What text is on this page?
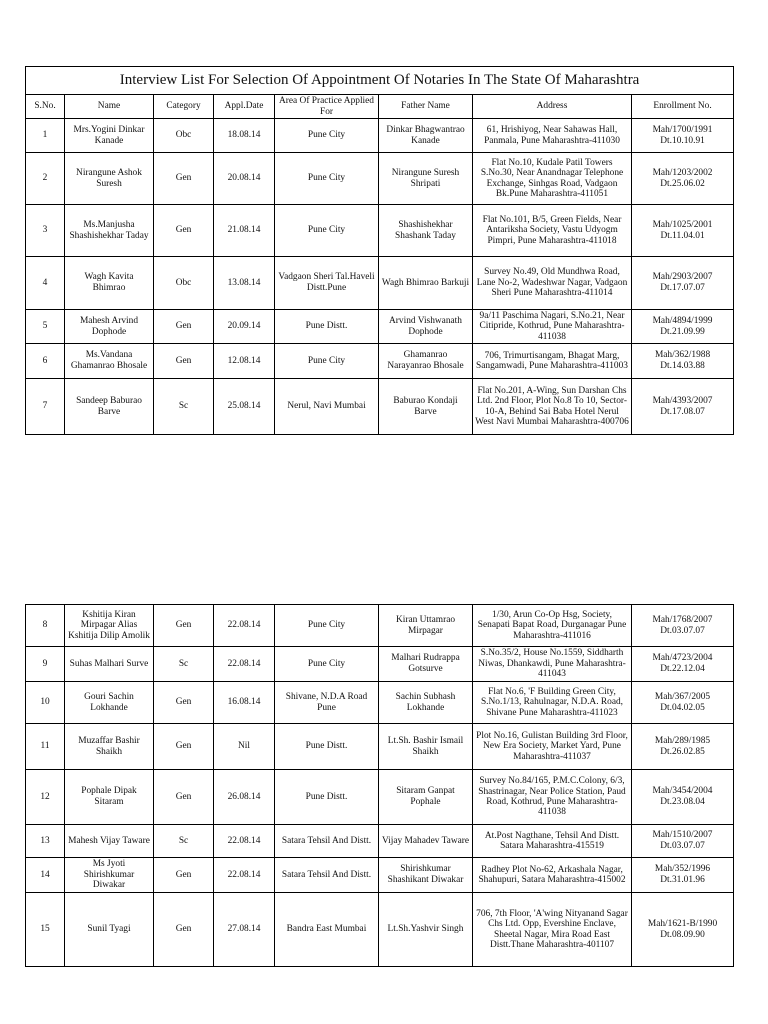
Interview List For Selection Of Appointment Of Notaries In The State Of Maharashtra							
S.No.	Name	Category	Appl.Date	Area Of Practice Applied For	Father Name	Address	Enrollment No.
1	Mrs.Yogini Dinkar Kanade	Obc	18.08.14	Pune City	Dinkar Bhagwantrao Kanade	61, Hrishiyog, Near Sahawas Hall, Panmala, Pune Maharashtra-411030	Mah/1700/1991 Dt.10.10.91
2	Nirangune Ashok Suresh	Gen	20.08.14	Pune City	Nirangune Suresh Shripati	Flat No.10, Kudale Patil Towers S.No.30, Near Anandnagar Telephone Exchange, Sinhgas Road, Vadgaon Bk.Pune Maharashtra-411051	Mah/1203/2002 Dt.25.06.02
3	Ms.Manjusha Shashishekhar Taday	Gen	21.08.14	Pune City	Shashishekhar Shashank Taday	Flat No.101, B/5, Green Fields, Near Antariksha Society, Vastu Udyogm Pimpri, Pune Maharashtra-411018	Mah/1025/2001 Dt.11.04.01
4	Wagh Kavita Bhimrao	Obc	13.08.14	Vadgaon Sheri Tal.Haveli Distt.Pune	Wagh Bhimrao Barkuji	Survey No.49, Old Mundhwa Road, Lane No-2, Wadeshwar Nagar, Vadgaon Sheri Pune Maharashtra-411014	Mah/2903/2007 Dt.17.07.07
5	Mahesh Arvind Dophode	Gen	20.09.14	Pune Distt.	Arvind Vishwanath Dophode	9a/11 Paschima Nagari, S.No.21, Near Citipride, Kothrud, Pune Maharashtra-411038	Mah/4894/1999 Dt.21.09.99
6	Ms.Vandana Ghamanrao Bhosale	Gen	12.08.14	Pune City	Ghamanrao Narayanrao Bhosale	706, Trimurtisangam, Bhagat Marg, Sangamwadi, Pune Maharashtra-411003	Mah/362/1988 Dt.14.03.88
7	Sandeep Baburao Barve	Sc	25.08.14	Nerul, Navi Mumbai	Baburao Kondaji Barve	Flat No.201, A-Wing, Sun Darshan Chs Ltd. 2nd Floor, Plot No.8 To 10, Sector-10-A, Behind Sai Baba Hotel Nerul West Navi Mumbai Maharashtra-400706	Mah/4393/2007 Dt.17.08.07
8	Kshitija Kiran Mirpagar Alias Kshitija Dilip Amolik	Gen	22.08.14	Pune City	Kiran Uttamrao Mirpagar	1/30, Arun Co-Op Hsg, Society, Senapati Bapat Road, Durganagar Pune Maharashtra-411016	Mah/1768/2007 Dt.03.07.07
9	Suhas Malhari Surve	Sc	22.08.14	Pune City	Malhari Rudrappa Gotsurve	S.No.35/2, House No.1559, Siddharth Niwas, Dhankawdi, Pune Maharashtra-411043	Mah/4723/2004 Dt.22.12.04
10	Gouri Sachin Lokhande	Gen	16.08.14	Shivane, N.D.A Road Pune	Sachin Subhash Lokhande	Flat No.6, 'F Building Green City, S.No.1/13, Rahulnagar, N.D.A. Road, Shivane Pune Maharashtra-411023	Mah/367/2005 Dt.04.02.05
11	Muzaffar Bashir Shaikh	Gen	Nil	Pune Distt.	Lt.Sh. Bashir Ismail Shaikh	Plot No.16, Gulistan Building 3rd Floor, New Era Society, Market Yard, Pune Maharashtra-411037	Mah/289/1985 Dt.26.02.85
12	Pophale Dipak Sitaram	Gen	26.08.14	Pune Distt.	Sitaram Ganpat Pophale	Survey No.84/165, P.M.C.Colony, 6/3, Shastrinagar, Near Police Station, Paud Road, Kothrud, Pune Maharashtra-411038	Mah/3454/2004 Dt.23.08.04
13	Mahesh Vijay Taware	Sc	22.08.14	Satara Tehsil And Distt.	Vijay Mahadev Taware	At.Post Nagthane, Tehsil And Distt. Satara Maharashtra-415519	Mah/1510/2007 Dt.03.07.07
14	Ms Jyoti Shirishkumar Diwakar	Gen	22.08.14	Satara Tehsil And Distt.	Shirishkumar Shashikant Diwakar	Radhey Plot No-62, Arkashala Nagar, Shahupuri, Satara Maharashtra-415002	Mah/352/1996 Dt.31.01.96
15	Sunil Tyagi	Gen	27.08.14	Bandra East Mumbai	Lt.Sh.Yashvir Singh	706, 7th Floor, 'A'wing Nityanand Sagar Chs Ltd. Opp, Evershine Enclave, Sheetal Nagar, Mira Road East Distt.Thane Maharashtra-401107	Mah/1621-B/1990 Dt.08.09.90
